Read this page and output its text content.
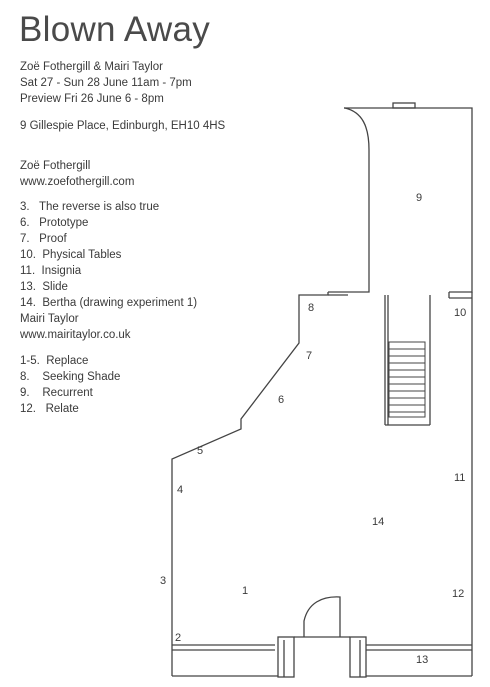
Blown Away
Zoë Fothergill & Mairi Taylor
Sat 27 - Sun 28 June 11am - 7pm
Preview Fri 26 June 6 - 8pm
9 Gillespie Place, Edinburgh, EH10 4HS
Zoë Fothergill
www.zoefothergill.com
3.   The reverse is also true
6.   Prototype
7.   Proof
10.  Physical Tables
11.  Insignia
13.  Slide
14.  Bertha (drawing experiment 1)
Mairi Taylor
www.mairitaylor.co.uk
1-5.  Replace
8.    Seeking Shade
9.    Recurrent
12.   Relate
1
2
3
4
5
6
7
8
9
10
11
12
13
14
